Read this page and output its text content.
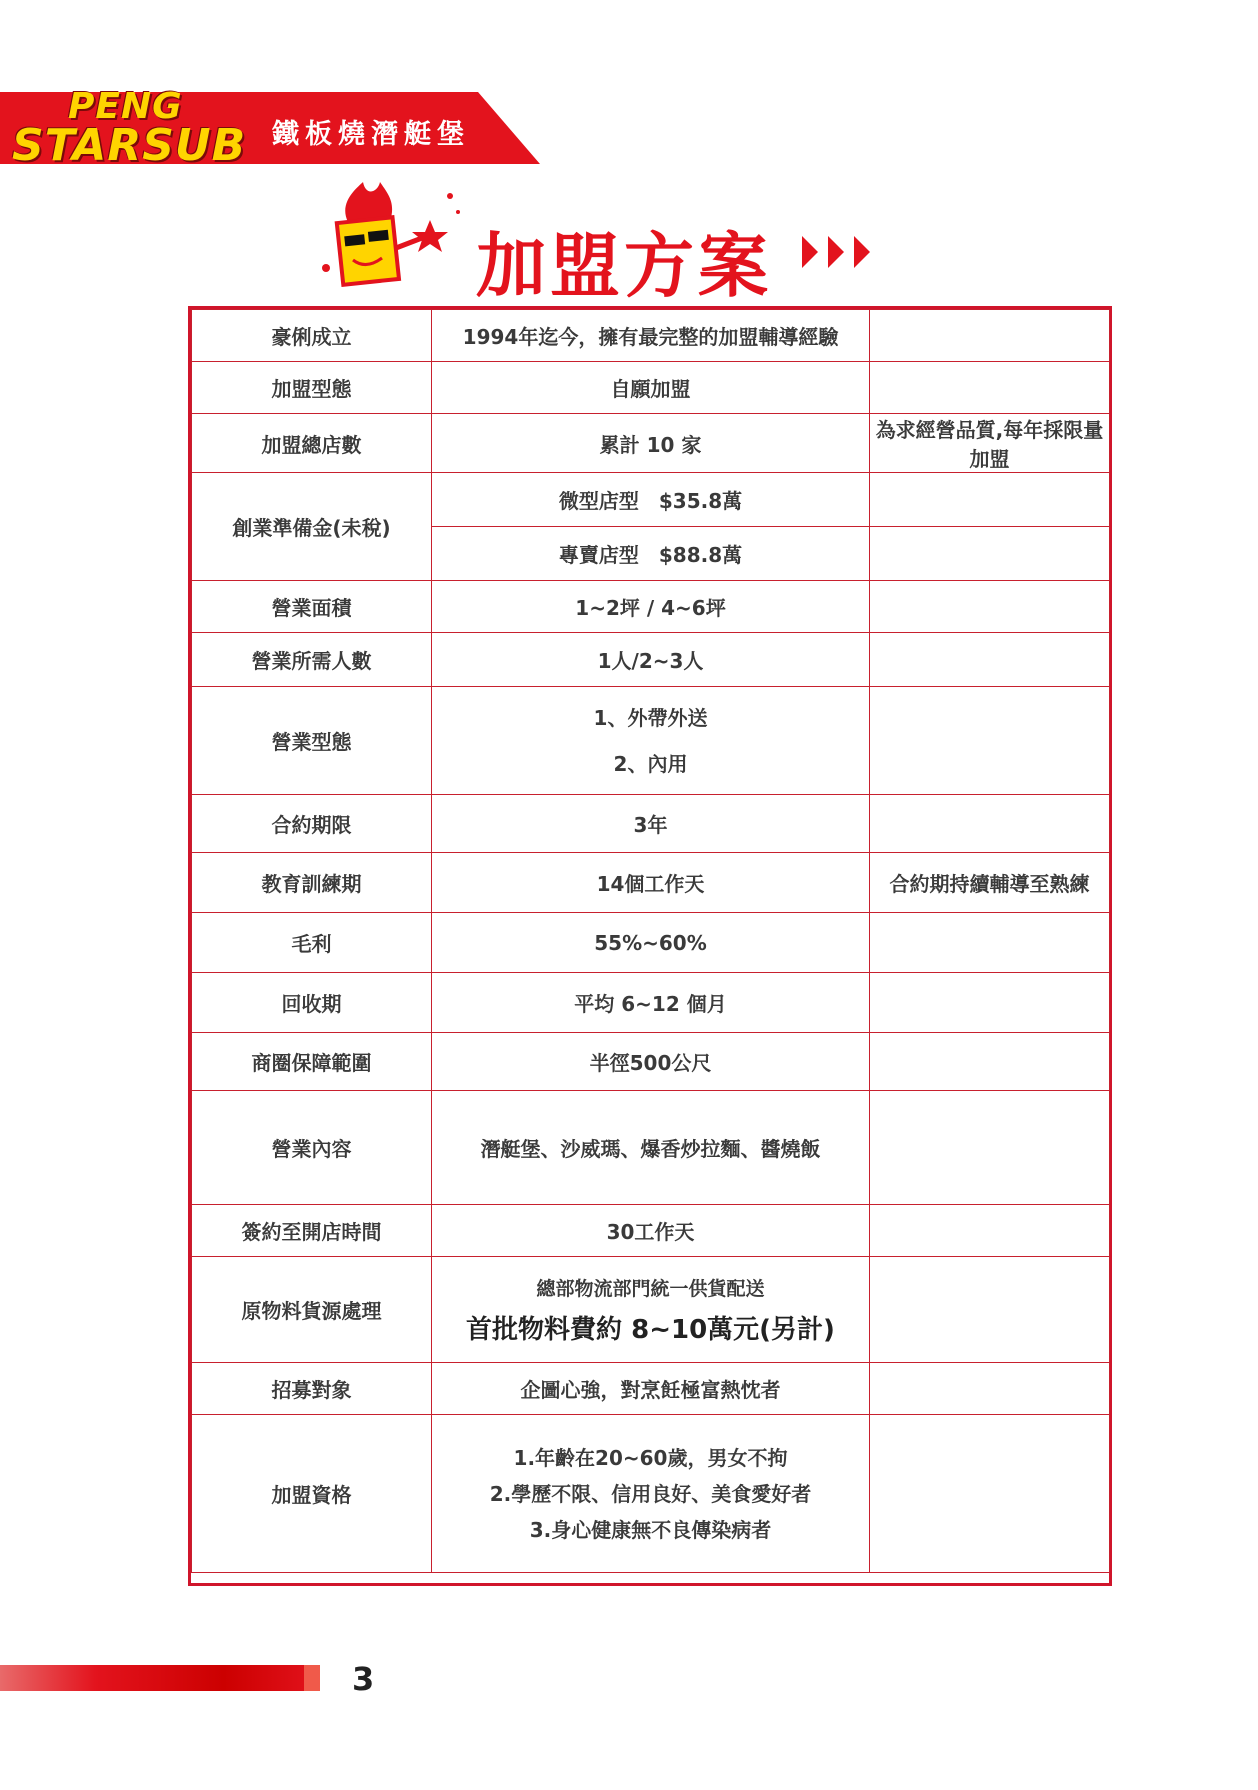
PENG
STARSUB 鐵板燒潛艇堡
加盟方案
豪俐成立	1994年迄今，擁有最完整的加盟輔導經驗	
加盟型態	自願加盟	
加盟總店數	累計 10 家	為求經營品質,每年採限量加盟
創業準備金(未稅)	微型店型　$35.8萬	
	專賣店型　$88.8萬	
營業面積	1~2坪 / 4~6坪	
營業所需人數	1人/2~3人	
營業型態	1、外帶外送
2、內用	

合約期限	3年	
教育訓練期	14個工作天	合約期持續輔導至熟練
毛利	55%~60%	
回收期	平均 6~12 個月	
商圈保障範圍	半徑500公尺	
營業內容	潛艇堡、沙威瑪、爆香炒拉麵、醬燒飯	
簽約至開店時間	30工作天	
原物料貨源處理	總部物流部門統一供貨配送
首批物料費約 8~10萬元(另計)	

招募對象	企圖心強，對烹飪極富熱忱者	
加盟資格	1.年齡在20~60歲，男女不拘
2.學歷不限、信用良好、美食愛好者
3.身心健康無不良傳染病者	

3
